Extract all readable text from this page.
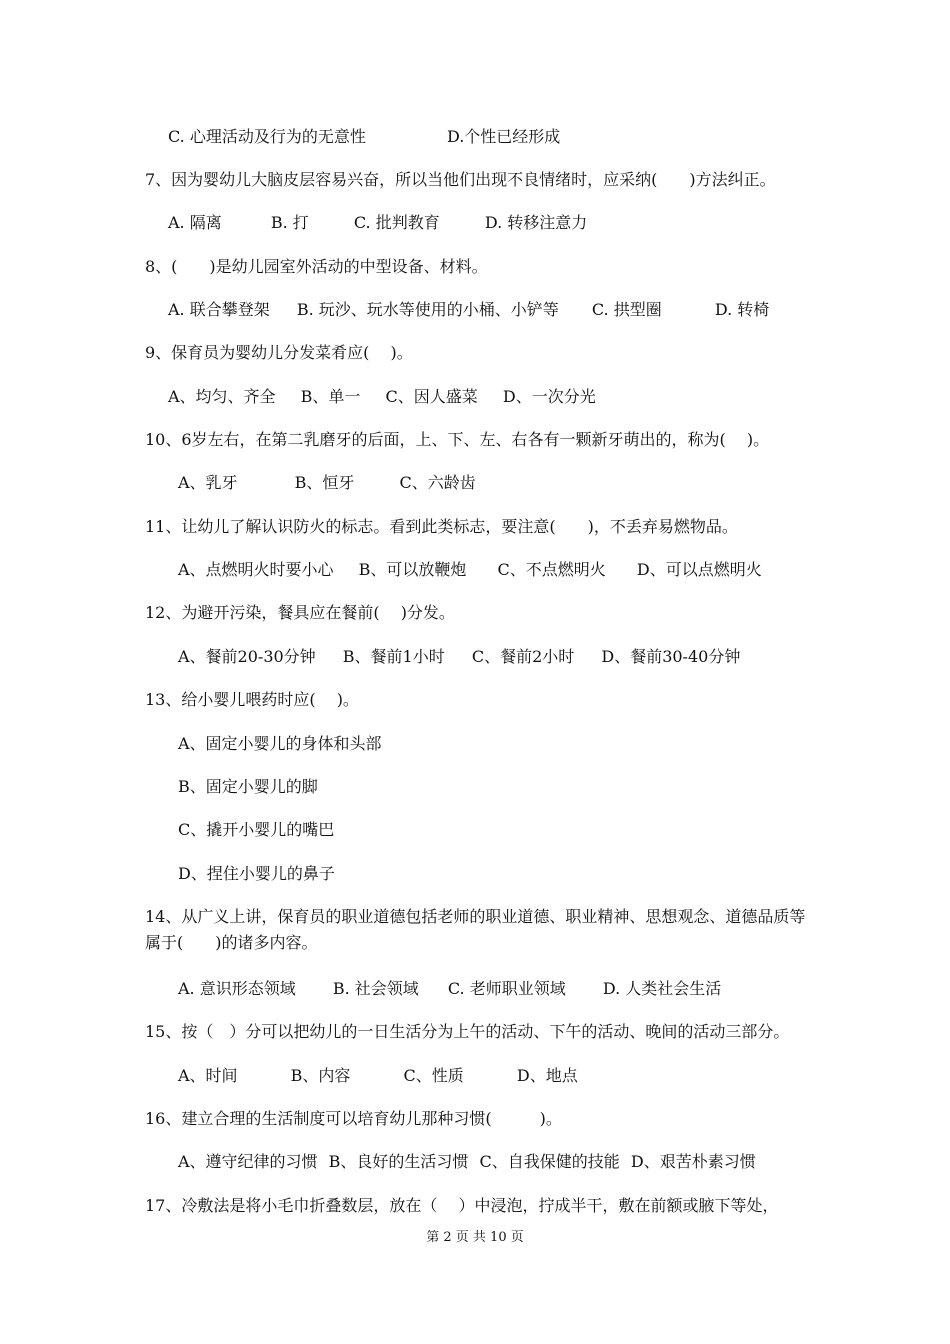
C. 心理活动及行为的无意性	D.个性已经形成
7、因为婴幼儿大脑皮层容易兴奋，所以当他们出现不良情绪时，应采纳(　　)方法纠正。
A. 隔离	B. 打	C. 批判教育	D. 转移注意力
8、(　　)是幼儿园室外活动的中型设备、材料。
A. 联合攀登架 B. 玩沙、玩水等使用的小桶、小铲等 C. 拱型圈	D. 转椅
9、保育员为婴幼儿分发菜肴应(　 )。
A、均匀、齐全 B、单一 C、因人盛菜 D、一次分光
10、6岁左右，在第二乳磨牙的后面，上、下、左、右各有一颗新牙萌出的，称为(　 )。
A、乳牙	B、恒牙	C、六龄齿
11、让幼儿了解认识防火的标志。看到此类标志，要注意(　　)，不丢弃易燃物品。
A、点燃明火时要小心 B、可以放鞭炮 C、不点燃明火 D、可以点燃明火
12、为避开污染，餐具应在餐前(　 )分发。
A、餐前20-30分钟 B、餐前1小时 C、餐前2小时 D、餐前30-40分钟
13、给小婴儿喂药时应(　 )。
A、固定小婴儿的身体和头部
B、固定小婴儿的脚
C、撬开小婴儿的嘴巴
D、捏住小婴儿的鼻子
14、从广义上讲，保育员的职业道德包括老师的职业道德、职业精神、思想观念、道德品质等属于(　　)的诸多内容。
A. 意识形态领域 B. 社会领域 C. 老师职业领域 D. 人类社会生活
15、按（　）分可以把幼儿的一日生活分为上午的活动、下午的活动、晚间的活动三部分。
A、时间	B、内容	C、性质	D、地点
16、建立合理的生活制度可以培育幼儿那种习惯(　　　)。
A、遵守纪律的习惯 B、良好的生活习惯 C、自我保健的技能 D、艰苦朴素习惯
17、冷敷法是将小毛巾折叠数层，放在（　 ）中浸泡，拧成半干，敷在前额或腋下等处，
第 2 页 共 10 页
